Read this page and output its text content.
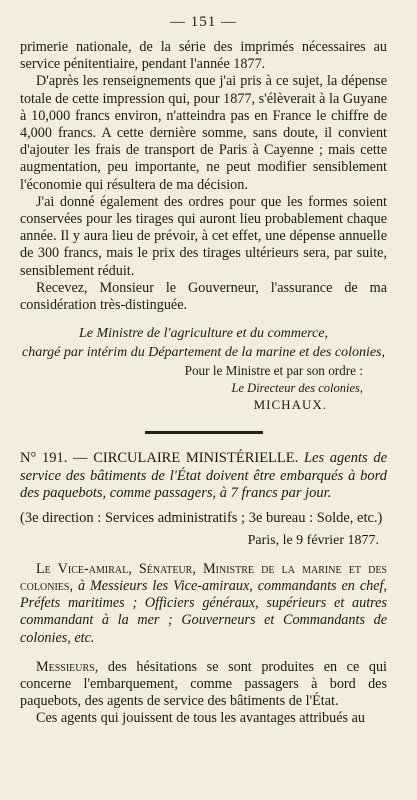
— 151 —

primerie nationale, de la série des imprimés nécessaires au service pénitentiaire, pendant l'année 1877.

D'après les renseignements que j'ai pris à ce sujet, la dépense totale de cette impression qui, pour 1877, s'élèverait à la Guyane à 10,000 francs environ, n'atteindra pas en France le chiffre de 4,000 francs. A cette dernière somme, sans doute, il convient d'ajouter les frais de transport de Paris à Cayenne ; mais cette augmentation, peu importante, ne peut modifier sensiblement l'économie qui résultera de ma décision.

J'ai donné également des ordres pour que les formes soient conservées pour les tirages qui auront lieu probablement chaque année. Il y aura lieu de prévoir, à cet effet, une dépense annuelle de 300 francs, mais le prix des tirages ultérieurs sera, par suite, sensiblement réduit.

Recevez, Monsieur le Gouverneur, l'assurance de ma considération très-distinguée.

Le Ministre de l'agriculture et du commerce,
chargé par intérim du Département de la marine et des colonies,
Pour le Ministre et par son ordre :
Le Directeur des colonies,
MICHAUX.

N° 191. — CIRCULAIRE MINISTÉRIELLE. Les agents de service des bâtiments de l'État doivent être embarqués à bord des paquebots, comme passagers, à 7 francs par jour.

(3e direction : Services administratifs ; 3e bureau : Solde, etc.)

Paris, le 9 février 1877.

Le Vice-amiral, Sénateur, Ministre de la marine et des colonies, à Messieurs les Vice-amiraux, commandants en chef, Préfets maritimes ; Officiers généraux, supérieurs et autres commandant à la mer ; Gouverneurs et Commandants de colonies, etc.

Messieurs, des hésitations se sont produites en ce qui concerne l'embarquement, comme passagers à bord des paquebots, des agents de service des bâtiments de l'État.

Ces agents qui jouissent de tous les avantages attribués au
